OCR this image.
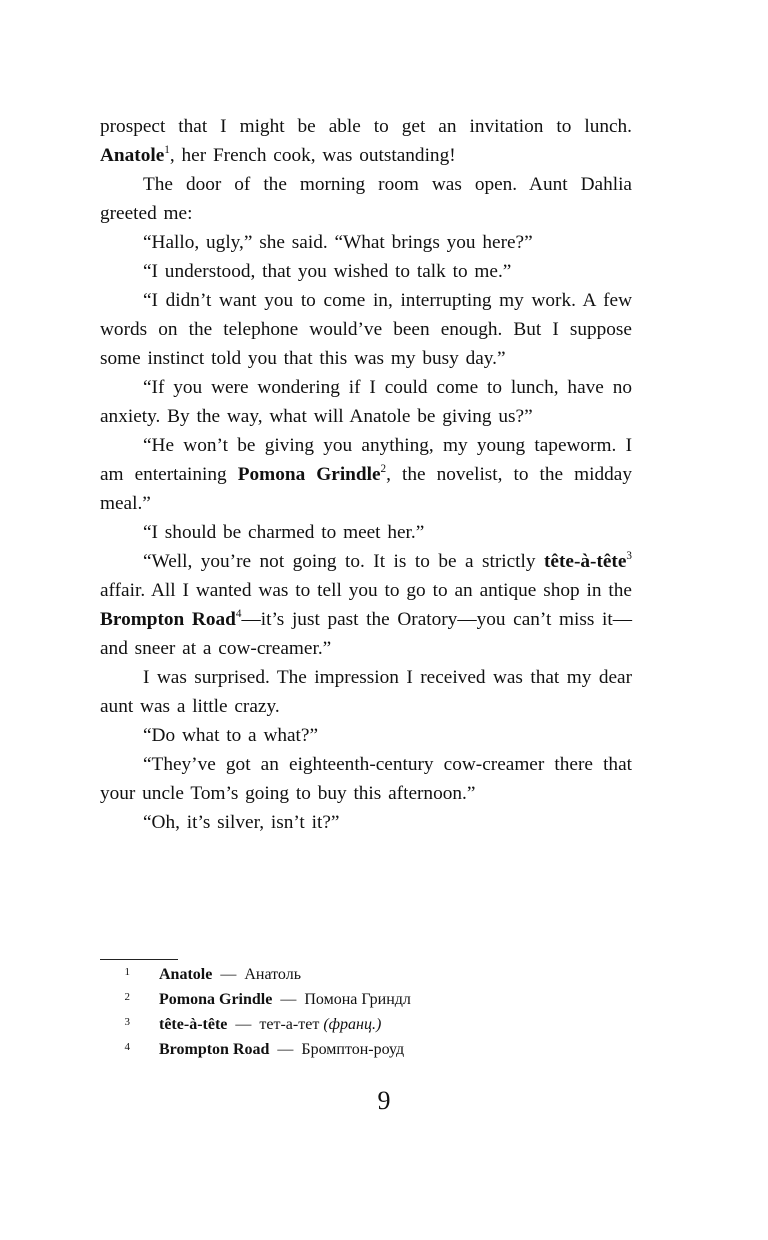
prospect that I might be able to get an invitation to lunch. Anatole$^1$, her French cook, was outstanding!

The door of the morning room was open. Aunt Dahlia greeted me:

“Hallo, ugly,” she said. “What brings you here?”

“I understood, that you wished to talk to me.”

“I didn’t want you to come in, interrupting my work. A few words on the telephone would’ve been enough. But I suppose some instinct told you that this was my busy day.”

“If you were wondering if I could come to lunch, have no anxiety. By the way, what will Anatole be giving us?”

“He won’t be giving you anything, my young tapeworm. I am entertaining Pomona Grindle$^2$, the novelist, to the midday meal.”

“I should be charmed to meet her.”

“Well, you’re not going to. It is to be a strictly tête-à-tête$^3$ affair. All I wanted was to tell you to go to an antique shop in the Brompton Road$^4$—it’s just past the Oratory—you can’t miss it—and sneer at a cow-creamer.”

I was surprised. The impression I received was that my dear aunt was a little crazy.

“Do what to a what?”

“They’ve got an eighteenth-century cow-creamer there that your uncle Tom’s going to buy this afternoon.”

“Oh, it’s silver, isn’t it?”

1	Anatole — Анатоль
2	Pomona Grindle — Помона Гриндл
3	tête-à-tête — тет-а-тет
(франц.)
4	Brompton Road — Бромптон-роуд
9
